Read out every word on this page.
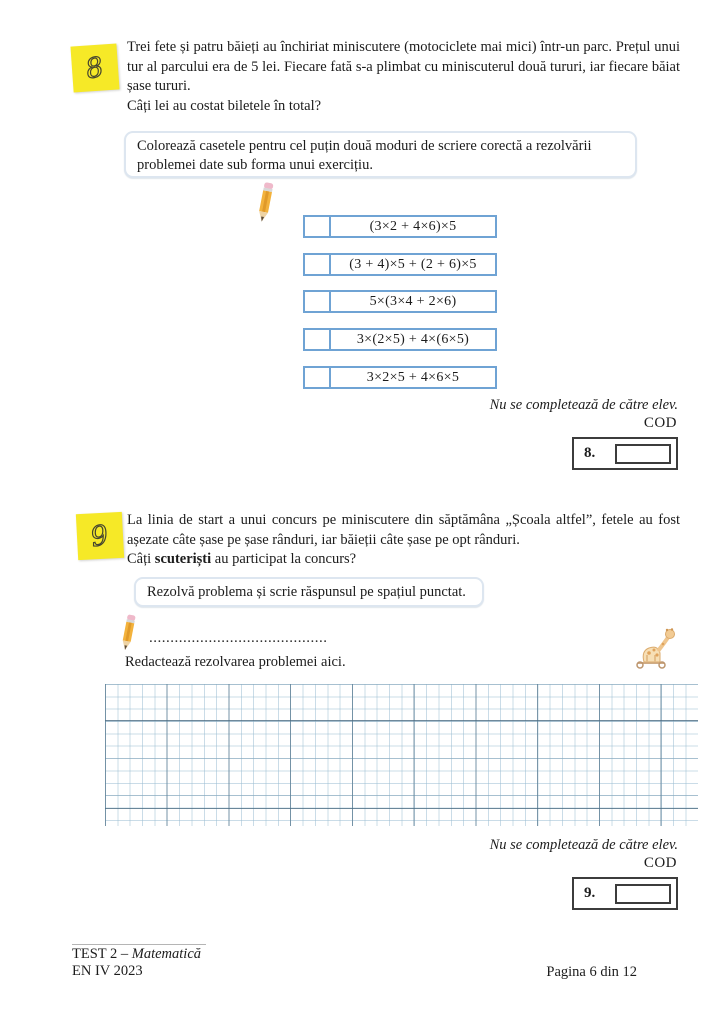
8

Trei fete și patru băieți au închiriat miniscutere (motociclete mai mici) într-un parc. Prețul unui tur al parcului era de 5 lei. Fiecare fată s-a plimbat cu miniscuterul două tururi, iar fiecare băiat șase tururi.

Câți lei au costat biletele în total?

Colorează casetele pentru cel puțin două moduri de scriere corectă a rezolvării problemei date sub forma unui exercițiu.
(3×2 + 4×6)×5
(3 + 4)×5 + (2 + 6)×5
5×(3×4 + 2×6)
3×(2×5) + 4×(6×5)
3×2×5 + 4×6×5
Nu se completează de către elev.
COD
8.
9 La linia de start a unui concurs pe miniscutere din săptămâna „Școala altfel”, fetele au fost așezate câte șase pe șase rânduri, iar băieții câte șase pe opt rânduri.

Câți scuteriști au participat la concurs?

Rezolvă problema și scrie răspunsul pe spațiul punctat.
..........................................
Redactează rezolvarea problemei aici.
Nu se completează de către elev.
COD
9.
TEST 2 – Matematică
EN IV 2023	Pagina 6 din 12
